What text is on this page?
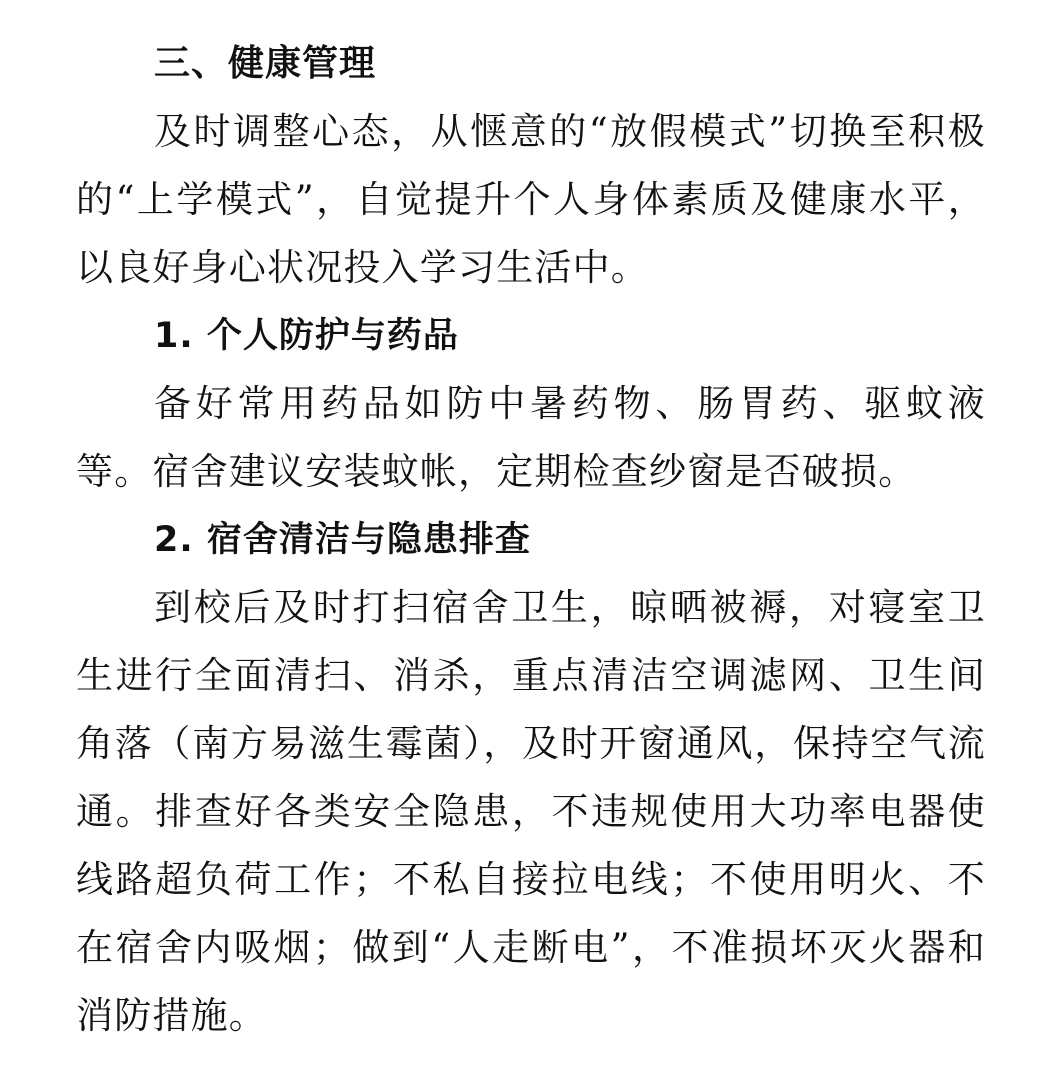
三、健康管理

及时调整心态，从惬意的“放假模式”切换至积极的“上学模式”，自觉提升个人身体素质及健康水平，以良好身心状况投入学习生活中。

1. 个人防护与药品

备好常用药品如防中暑药物、肠胃药、驱蚊液等。宿舍建议安装蚊帐，定期检查纱窗是否破损。

2. 宿舍清洁与隐患排查

到校后及时打扫宿舍卫生，晾晒被褥，对寝室卫生进行全面清扫、消杀，重点清洁空调滤网、卫生间角落（南方易滋生霉菌），及时开窗通风，保持空气流通。排查好各类安全隐患，不违规使用大功率电器使线路超负荷工作；不私自接拉电线；不使用明火、不在宿舍内吸烟；做到“人走断电”，不准损坏灭火器和消防措施。
